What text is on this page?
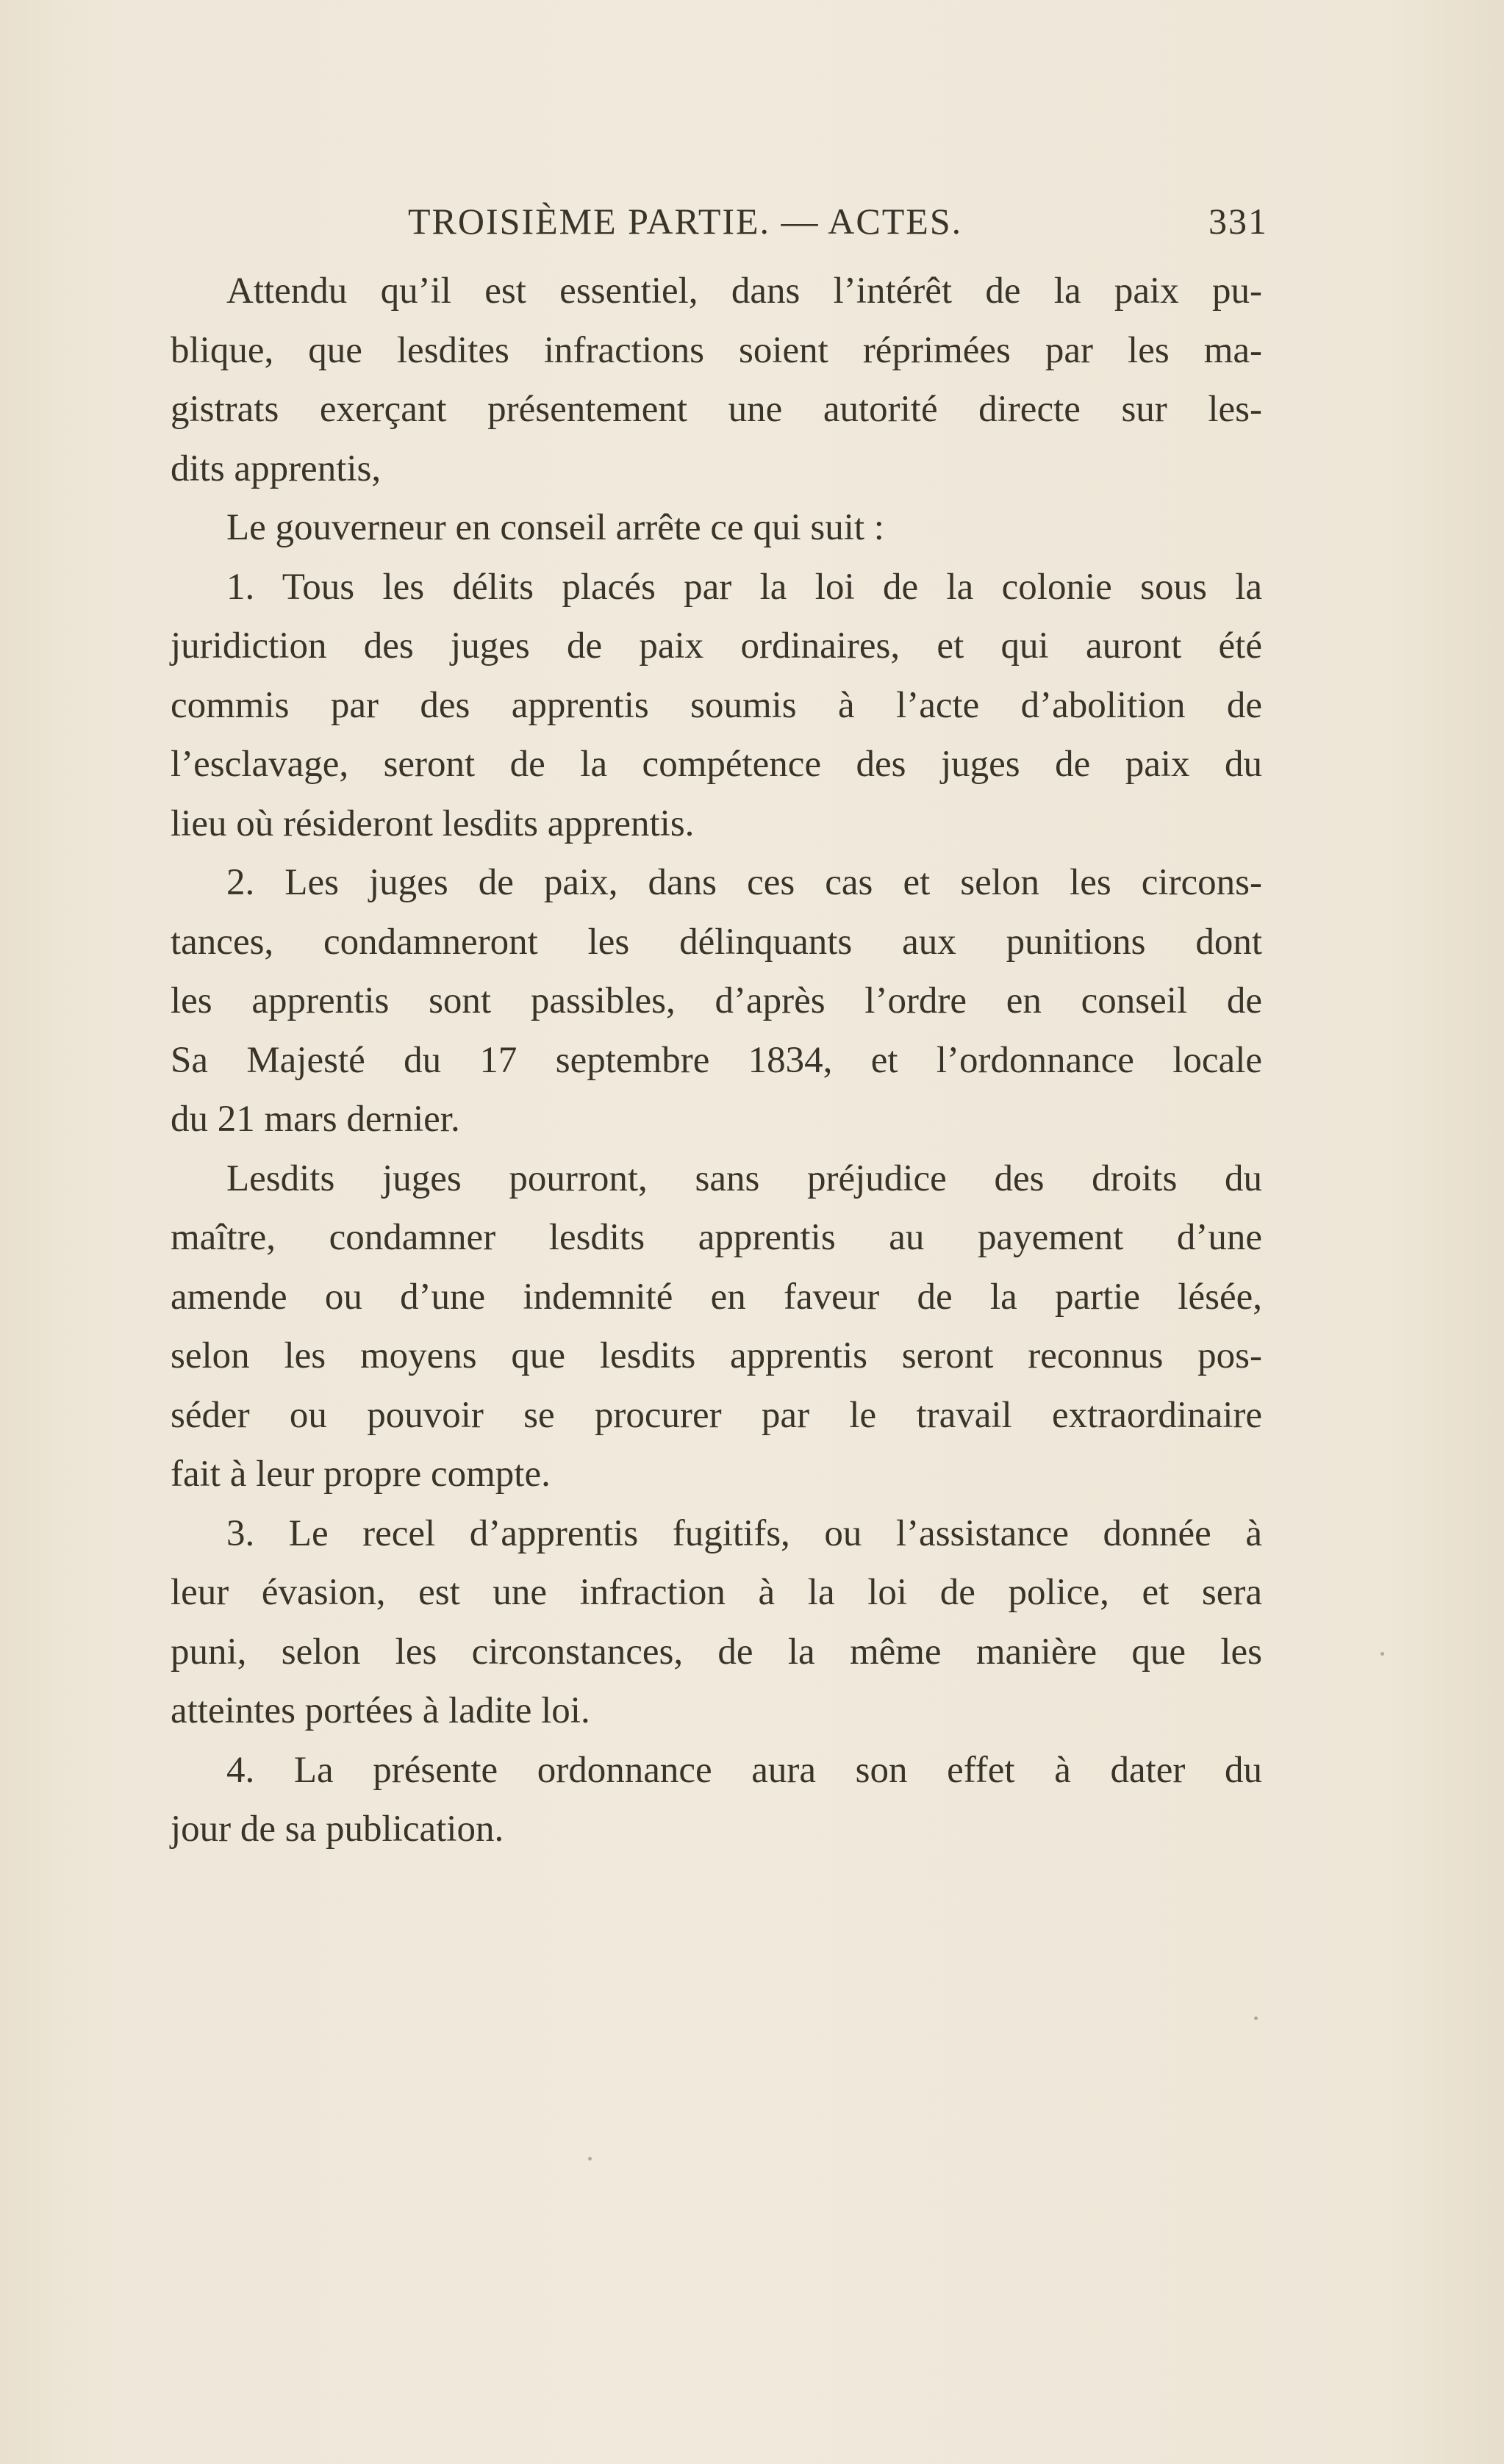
TROISIÈME PARTIE. — ACTES.	331
Attendu qu’il est essentiel, dans l’intérêt de la paix pu-
blique, que lesdites infractions soient réprimées par les ma-
gistrats exerçant présentement une autorité directe sur les-
dits apprentis,
Le gouverneur en conseil arrête ce qui suit :
1. Tous les délits placés par la loi de la colonie sous la
juridiction des juges de paix ordinaires, et qui auront été
commis par des apprentis soumis à l’acte d’abolition de
l’esclavage, seront de la compétence des juges de paix du
lieu où résideront lesdits apprentis.
2. Les juges de paix, dans ces cas et selon les circons-
tances, condamneront les délinquants aux punitions dont
les apprentis sont passibles, d’après l’ordre en conseil de
Sa Majesté du 17 septembre 1834, et l’ordonnance locale
du 21 mars dernier.
Lesdits juges pourront, sans préjudice des droits du
maître, condamner lesdits apprentis au payement d’une
amende ou d’une indemnité en faveur de la partie lésée,
selon les moyens que lesdits apprentis seront reconnus pos-
séder ou pouvoir se procurer par le travail extraordinaire
fait à leur propre compte.
3. Le recel d’apprentis fugitifs, ou l’assistance donnée à
leur évasion, est une infraction à la loi de police, et sera
puni, selon les circonstances, de la même manière que les
atteintes portées à ladite loi.
4. La présente ordonnance aura son effet à dater du
jour de sa publication.
